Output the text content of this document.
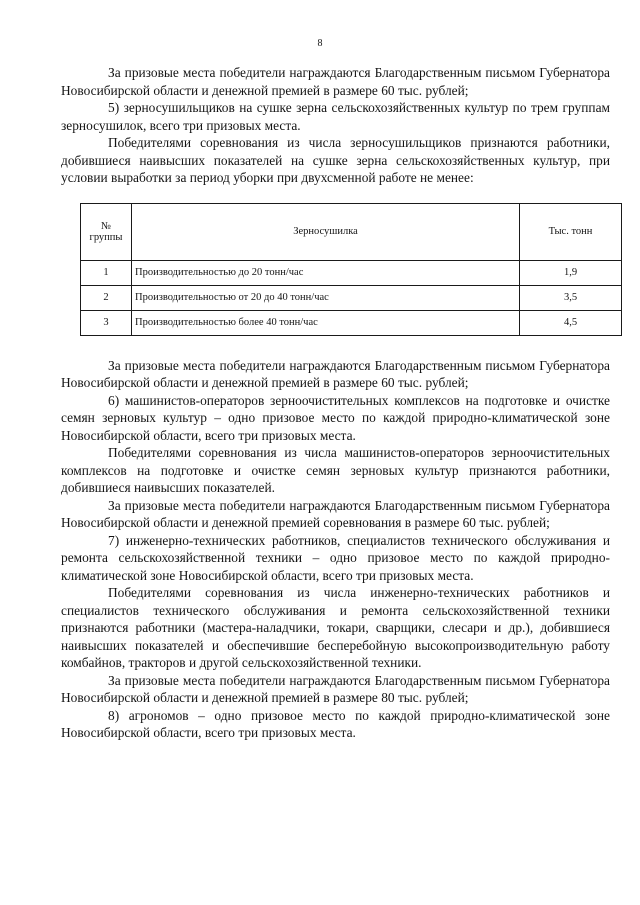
8

За призовые места победители награждаются Благодарственным письмом Губернатора Новосибирской области и денежной премией в размере 60 тыс. рублей;

5) зерносушильщиков на сушке зерна сельскохозяйственных культур по трем группам зерносушилок, всего три призовых места.

Победителями соревнования из числа зерносушильщиков признаются работники, добившиеся наивысших показателей на сушке зерна сельскохозяйственных культур, при условии выработки за период уборки при двухсменной работе не менее:

№ группы	Зерносушилка	Тыс. тонн
1	Производительностью до 20 тонн/час	1,9
2	Производительностью от 20 до 40 тонн/час	3,5
3	Производительностью более 40 тонн/час	4,5

За призовые места победители награждаются Благодарственным письмом Губернатора Новосибирской области и денежной премией в размере 60 тыс. рублей;

6) машинистов-операторов зерноочистительных комплексов на подготовке и очистке семян зерновых культур – одно призовое место по каждой природно-климатической зоне Новосибирской области, всего три призовых места.

Победителями соревнования из числа машинистов-операторов зерноочистительных комплексов на подготовке и очистке семян зерновых культур признаются работники, добившиеся наивысших показателей.

За призовые места победители награждаются Благодарственным письмом Губернатора Новосибирской области и денежной премией соревнования в размере 60 тыс. рублей;

7) инженерно-технических работников, специалистов технического обслуживания и ремонта сельскохозяйственной техники – одно призовое место по каждой природно-климатической зоне Новосибирской области, всего три призовых места.

Победителями соревнования из числа инженерно-технических работников и специалистов технического обслуживания и ремонта сельскохозяйственной техники признаются работники (мастера-наладчики, токари, сварщики, слесари и др.), добившиеся наивысших показателей и обеспечившие бесперебойную высокопроизводительную работу комбайнов, тракторов и другой сельскохозяйственной техники.

За призовые места победители награждаются Благодарственным письмом Губернатора Новосибирской области и денежной премией в размере 80 тыс. рублей;

8) агрономов – одно призовое место по каждой природно-климатической зоне Новосибирской области, всего три призовых места.
